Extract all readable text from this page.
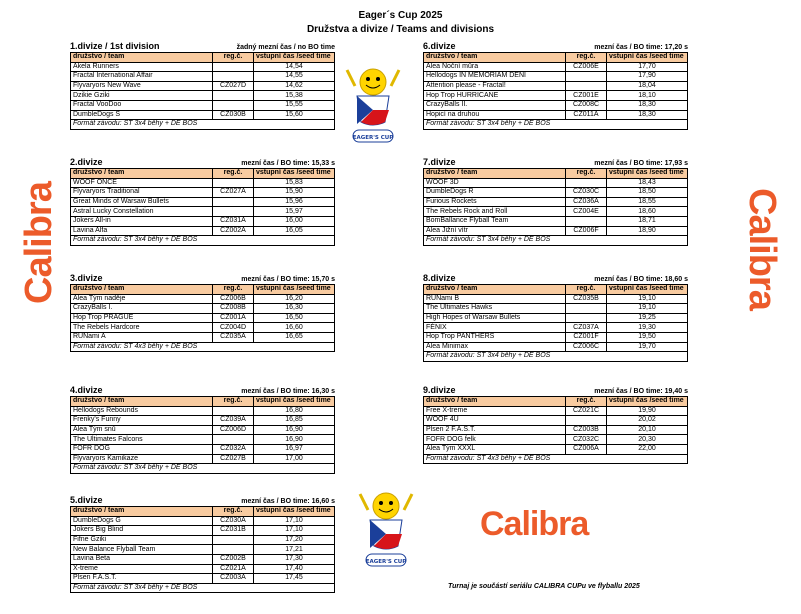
Eager´s Cup 2025
Družstva a divize / Teams and divisions
1.divize / 1st division	žadný mezní čas / no BO time
družstvo / team	reg.č.	vstupní čas /seed time
Akela Runners		14,54
Fractal International Affair		14,55
Flyvaryors New Wave	CZ027D	14,62
Dzikie Gziki		15,38
Fractal VooDoo		15,55
DumbleDogs S	CZ030B	15,60
Formát závodu: ST 3x4 běhy + DE BOS		
2.divize	mezní čas / BO time: 15,33 s
družstvo / team	reg.č.	vstupní čas /seed time
WOOF ONCE		15,83
Flyvaryors Traditional	CZ027A	15,90
Great Minds of Warsaw Bullets		15,96
Astral Lucky Constellation		15,97
Jokers All-in	CZ031A	16,00
Lavina Alfa	CZ002A	16,05
Formát závodu: ST 3x4 běhy + DE BOS		
3.divize	mezní čas / BO time: 15,70 s
družstvo / team	reg.č.	vstupní čas /seed time
Alea Tým naděje	CZ006B	16,20
CrazyBalls I.	CZ008B	16,30
Hop Trop PRAGUE	CZ001A	16,50
The Rebels Hardcore	CZ004D	16,60
RUNami A	CZ035A	16,65
Formát závodu: ST 4x3 běhy + DE BOS		
4.divize	mezní čas / BO time: 16,30 s
družstvo / team	reg.č.	vstupní čas /seed time
Hellodogs Rebounds		16,80
Frenky's Funny	CZ039A	16,85
Alea Tým snů	CZ006D	16,90
The Ultimates Falcons		16,90
FOFR DOG	CZ032A	16,97
Flyvaryors Kamikaze	CZ027B	17,00
Formát závodu: ST 3x4 běhy + DE BOS		
5.divize	mezní čas / BO time: 16,60 s
družstvo / team	reg.č.	vstupní čas /seed time
DumbleDogs G	CZ030A	17,10
Jokers Big Blind	CZ031B	17,10
Fifne Gziki		17,20
New Balance Flyball Team		17,21
Lavina Beta	CZ002B	17,30
X-treme	CZ021A	17,40
Plsen F.A.S.T.	CZ003A	17,45
Formát závodu: ST 3x4 běhy + DE BOS		
6.divize	mezní čas / BO time: 17,20 s
družstvo / team	reg.č.	vstupní čas /seed time
Alea Noční můra	CZ006E	17,70
Hellodogs IN MEMORIAM DENI		17,90
Attention please - Fractal!		18,04
Hop Trop HURRICANE	CZ001E	18,10
CrazyBalls II.	CZ008C	18,30
Hopicí na druhou	CZ011A	18,30
Formát závodu: ST 3x4 běhy + DE BOS		
7.divize	mezní čas / BO time: 17,93 s
družstvo / team	reg.č.	vstupní čas /seed time
WOOF 3D		18,43
DumbleDogs R	CZ030C	18,50
Furious Rockets	CZ036A	18,55
The Rebels Rock and Roll	CZ004E	18,60
BomBallance Flyball Team		18,71
Alea Jižní vítr	CZ006F	18,90
Formát závodu: ST 3x4 běhy + DE BOS		
8.divize	mezní čas / BO time: 18,60 s
družstvo / team	reg.č.	vstupní čas /seed time
RUNami B	CZ035B	19,10
The Ultimates Hawks		19,10
High Hopes of Warsaw Bullets		19,25
FÉNIX	CZ037A	19,30
Hop Trop PANTHERS	CZ001F	19,50
Alea Minimax	CZ006C	19,70
Formát závodu: ST 3x4 běhy + DE BOS		
9.divize	mezní čas / BO time: 19,40 s
družstvo / team	reg.č.	vstupní čas /seed time
Free X-treme	CZ021C	19,90
WOOF 4U		20,02
Plsen 2 F.A.S.T.	CZ003B	20,10
FOFR DOG felk	CZ032C	20,30
Alea Tým XXXL	CZ006A	22,00
Formát závodu: ST 4x3 běhy + DE BOS		
Calibra	Calibra
Calibra
EAGER'S CUP
EAGER'S CUP
Turnaj je součástí seriálu CALIBRA CUPu ve flyballu 2025
